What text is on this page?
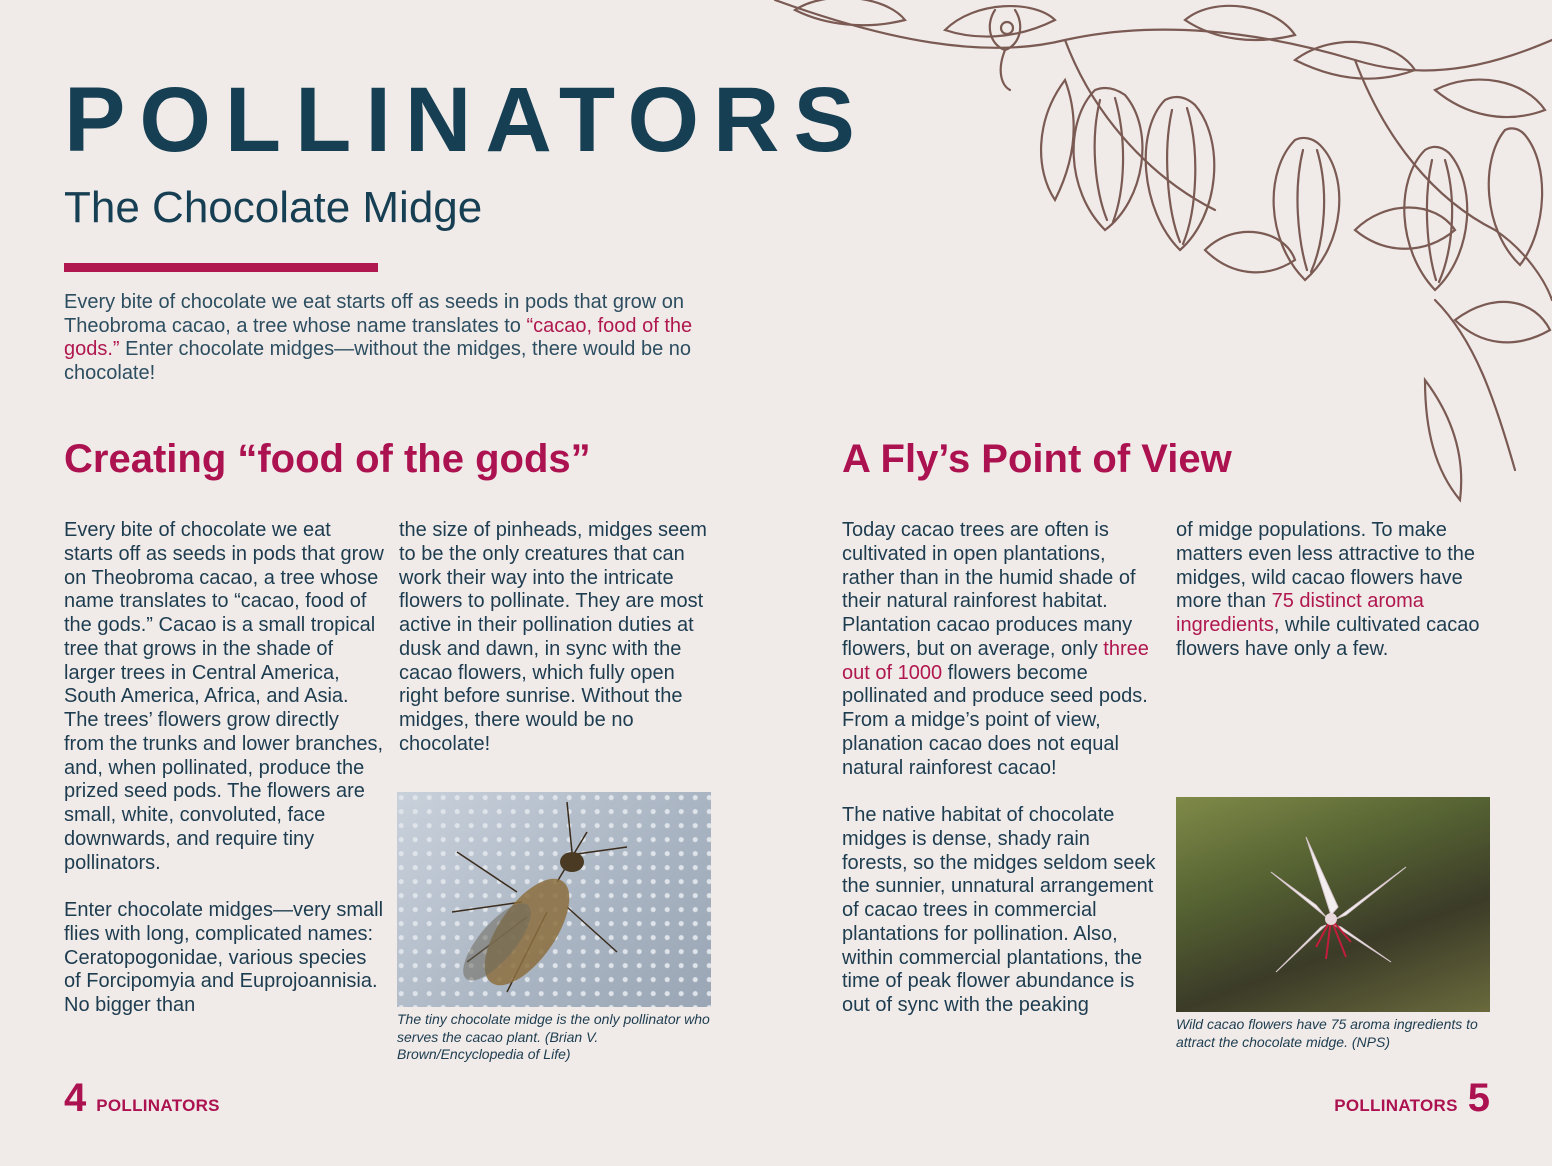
POLLINATORS
The Chocolate Midge
Every bite of chocolate we eat starts off as seeds in pods that grow on Theobroma cacao, a tree whose name translates to “cacao, food of the gods.” Enter chocolate midges—without the midges, there would be no chocolate!
Creating “food of the gods”	A Fly’s Point of View

Every bite of chocolate we eat starts off as seeds in pods that grow on Theobroma cacao, a tree whose name translates to “cacao, food of the gods.” Cacao is a small tropical tree that grows in the shade of larger trees in Central America, South America, Africa, and Asia. The trees’ flowers grow directly from the trunks and lower branches, and, when pollinated, produce the prized seed pods. The flowers are small, white, convoluted, face downwards, and require tiny pollinators.

Enter chocolate midges—very small flies with long, complicated names: Ceratopogonidae, various species of Forcipomyia and Euprojoannisia. No bigger than

the size of pinheads, midges seem to be the only creatures that can work their way into the intricate flowers to pollinate. They are most active in their pollination duties at dusk and dawn, in sync with the cacao flowers, which fully open right before sunrise. Without the midges, there would be no chocolate!

The tiny chocolate midge is the only pollinator who serves the cacao plant. (Brian V. Brown/Encyclopedia of Life)

Today cacao trees are often is cultivated in open plantations, rather than in the humid shade of their natural rainforest habitat. Plantation cacao produces many flowers, but on average, only three out of 1000 flowers become pollinated and produce seed pods. From a midge’s point of view, planation cacao does not equal natural rainforest cacao!

The native habitat of chocolate midges is dense, shady rain forests, so the midges seldom seek the sunnier, unnatural arrangement of cacao trees in commercial plantations for pollination. Also, within commercial plantations, the time of peak flower abundance is out of sync with the peaking

of midge populations. To make matters even less attractive to the midges, wild cacao flowers have more than 75 distinct aroma ingredients, while cultivated cacao flowers have only a few.

Wild cacao flowers have 75 aroma ingredients to attract the chocolate midge. (NPS)
4 POLLINATORS	POLLINATORS 5
